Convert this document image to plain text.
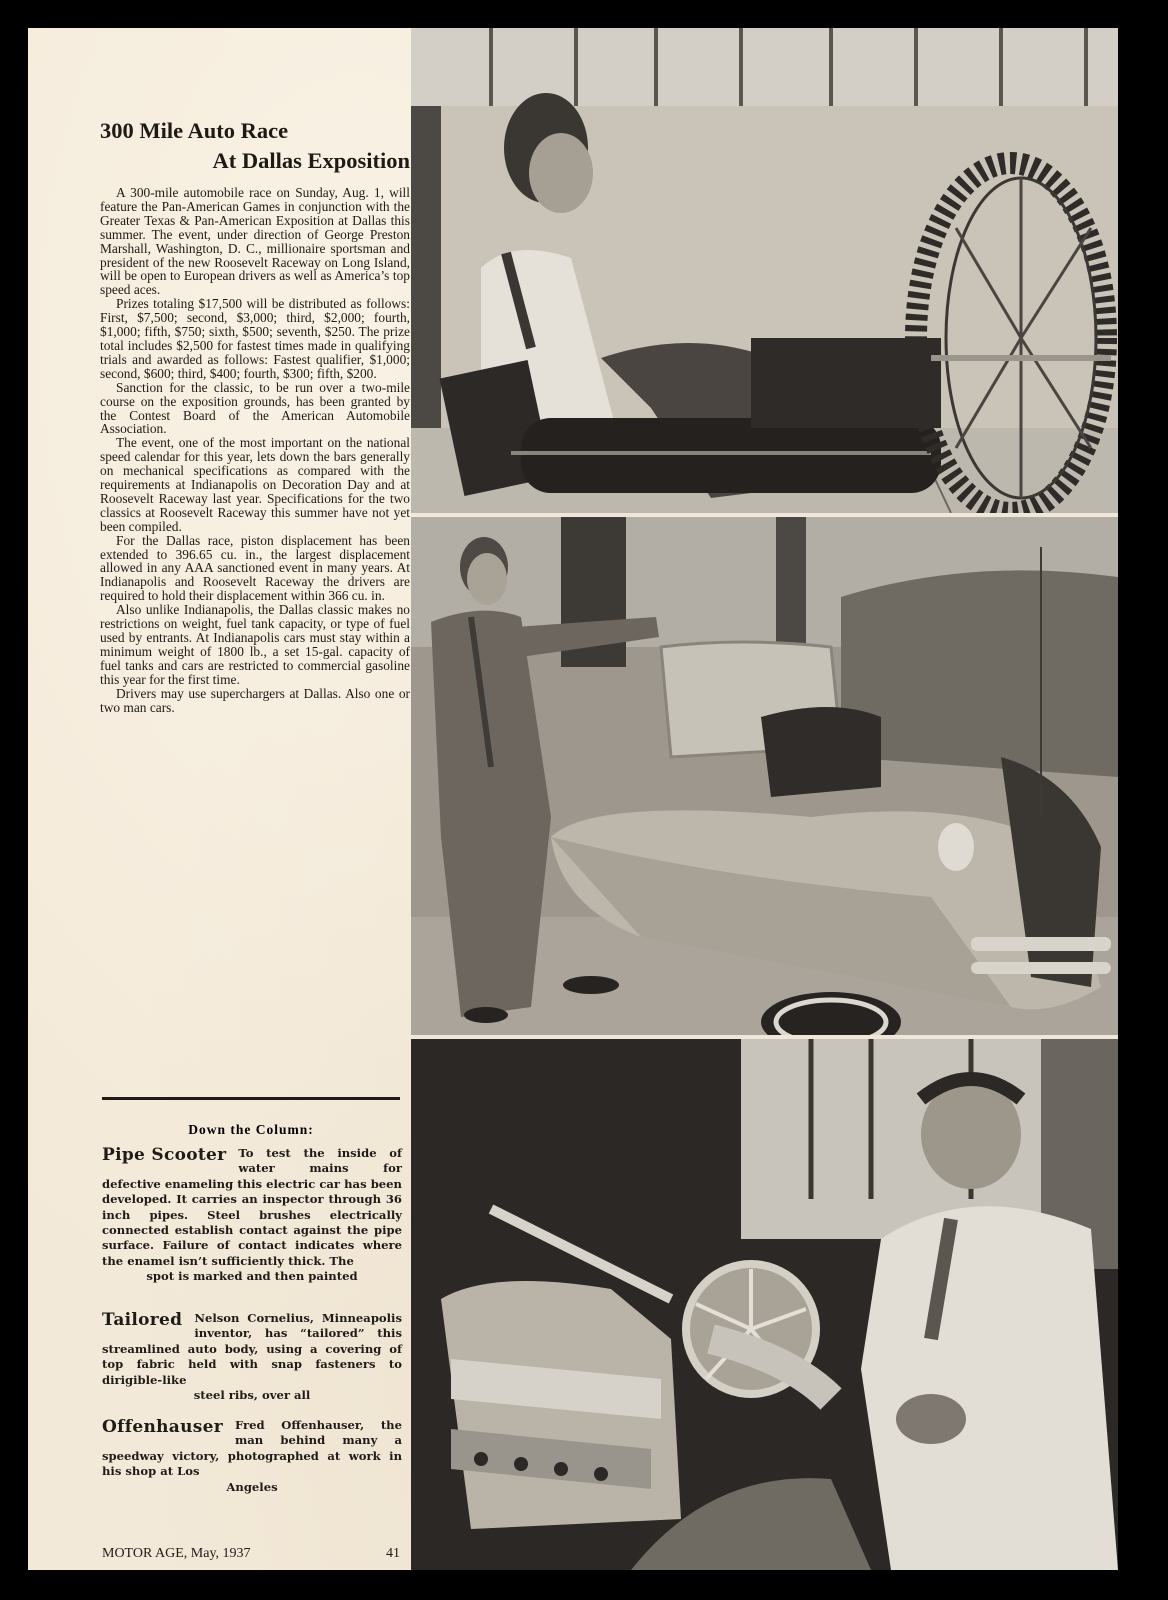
300 Mile Auto Race
At Dallas Exposition

A 300-mile automobile race on Sunday, Aug. 1, will feature the Pan-American Games in conjunction with the Greater Texas & Pan-American Exposition at Dallas this summer. The event, under direction of George Preston Marshall, Washington, D. C., millionaire sportsman and president of the new Roosevelt Raceway on Long Island, will be open to European drivers as well as America’s top speed aces.

Prizes totaling $17,500 will be distributed as follows: First, $7,500; second, $3,000; third, $2,000; fourth, $1,000; fifth, $750; sixth, $500; seventh, $250. The prize total includes $2,500 for fastest times made in qualifying trials and awarded as follows: Fastest qualifier, $1,000; second, $600; third, $400; fourth, $300; fifth, $200.

Sanction for the classic, to be run over a two-mile course on the exposition grounds, has been granted by the Contest Board of the American Automobile Association.

The event, one of the most important on the national speed calendar for this year, lets down the bars generally on mechanical specifications as compared with the requirements at Indianapolis on Decoration Day and at Roosevelt Raceway last year. Specifications for the two classics at Roosevelt Raceway this summer have not yet been compiled.

For the Dallas race, piston displacement has been extended to 396.65 cu. in., the largest displacement allowed in any AAA sanctioned event in many years. At Indianapolis and Roosevelt Raceway the drivers are required to hold their displacement within 366 cu. in.

Also unlike Indianapolis, the Dallas classic makes no restrictions on weight, fuel tank capacity, or type of fuel used by entrants. At Indianapolis cars must stay within a minimum weight of 1800 lb., a set 15-gal. capacity of fuel tanks and cars are restricted to commercial gasoline this year for the first time.

Drivers may use superchargers at Dallas. Also one or two man cars.

Down the Column:
Pipe Scooter To test the inside of water mains for defective enameling this electric car has been developed. It carries an inspector through 36 inch pipes. Steel brushes electrically connected establish contact against the pipe surface. Failure of contact indicates where the enamel isn’t sufficiently thick. The
spot is marked and then painted
Tailored Nelson Cornelius, Minneapolis inventor, has “tailored” this streamlined auto body, using a covering of top fabric held with snap fasteners to dirigible-like
steel ribs, over all
Offenhauser Fred Offenhauser, the man behind many a speedway victory, photographed at work in his shop at Los
Angeles
MOTOR AGE, May, 1937	41
